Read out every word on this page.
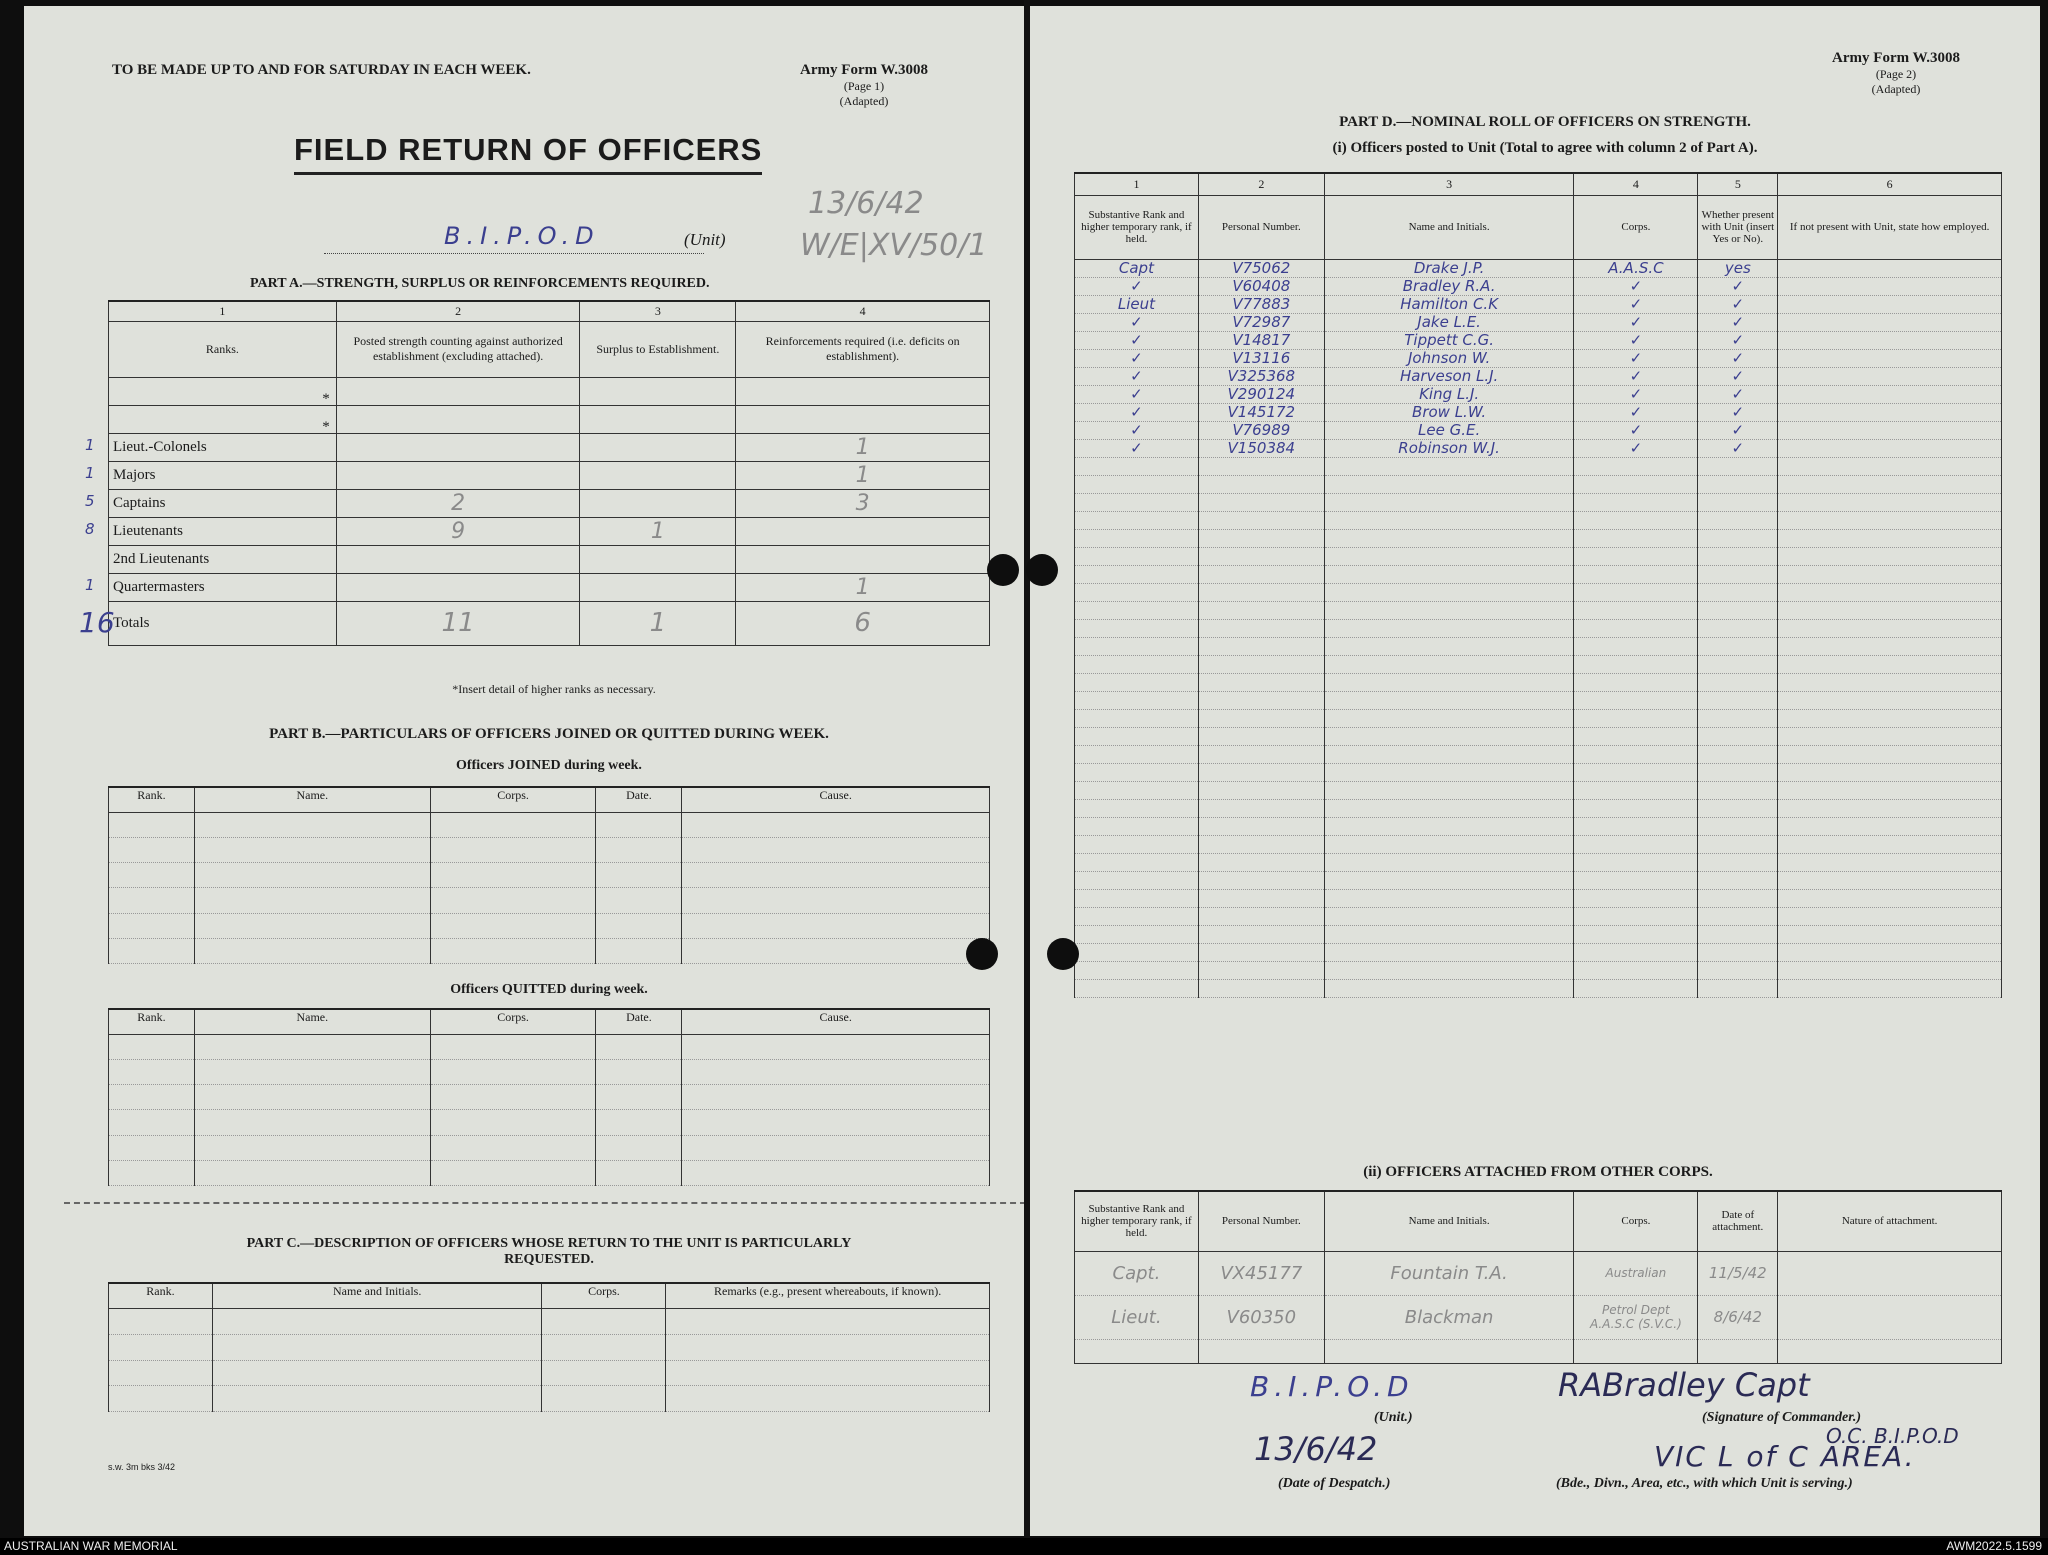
TO BE MADE UP TO AND FOR SATURDAY IN EACH WEEK.	Army Form W.3008
(Page 1)
(Adapted)
FIELD RETURN OF OFFICERS
B.I.P.O.D	(Unit)
13/6/42
W/E|XV/50/1
PART A.—STRENGTH, SURPLUS OR REINFORCEMENTS REQUIRED.
1	2	3	4
Ranks.	Posted strength counting against authorized establishment (excluding attached).	Surplus to Establishment.	Reinforcements required (i.e. deficits on establishment).

*			

*			

1 Lieut.-Colonels			1

1 Majors			1

5 Captains	2		3

8 Lieutenants	9	1	

2nd Lieutenants			

1 Quartermasters			1

16
Totals	11	1	6
*Insert detail of higher ranks as necessary.
PART B.—PARTICULARS OF OFFICERS JOINED OR QUITTED DURING WEEK.
Officers JOINED during week.
Rank.	Name.	Corps.	Date.	Cause.

Officers QUITTED during week.
Rank.	Name.	Corps.	Date.	Cause.

PART C.—DESCRIPTION OF OFFICERS WHOSE RETURN TO THE UNIT IS PARTICULARLY
REQUESTED.
Rank.	Name and Initials.	Corps.	Remarks (e.g., present whereabouts, if known).

s.w. 3m bks 3/42
Army Form W.3008
(Page 2)
(Adapted)
PART D.—NOMINAL ROLL OF OFFICERS ON STRENGTH.
(i) Officers posted to Unit (Total to agree with column 2 of Part A).
1	2	3	4	5	6
Substantive Rank and higher temporary rank, if held.	Personal Number.	Name and Initials.	Corps.	Whether present with Unit (insert Yes or No).	If not present with Unit, state how employed.
Capt	V75062	Drake J.P.	A.A.S.C	yes	
✓	V60408	Bradley R.A.	✓	✓	
Lieut	V77883	Hamilton C.K	✓	✓	
✓	V72987	Jake L.E.	✓	✓	
✓	V14817	Tippett C.G.	✓	✓	
✓	V13116	Johnson W.	✓	✓	
✓	V325368	Harveson L.J.	✓	✓	
✓	V290124	King L.J.	✓	✓	
✓	V145172	Brow L.W.	✓	✓	
✓	V76989	Lee G.E.	✓	✓	
✓	V150384	Robinson W.J.	✓	✓	

(ii) OFFICERS ATTACHED FROM OTHER CORPS.
Substantive Rank and higher temporary rank, if held.	Personal Number.	Name and Initials.	Corps.	Date of attachment.	Nature of attachment.
Capt.	VX45177	Fountain T.A.	Australian	11/5/42	
Lieut.	V60350	Blackman	Petrol Dept
A.A.S.C (S.V.C.)	8/6/42	

B.I.P.O.D
(Unit.)
RABradley Capt
(Signature of Commander.)
O.C. B.I.P.O.D
13/6/42
(Date of Despatch.)
VIC L of C AREA.
(Bde., Divn., Area, etc., with which Unit is serving.)
AUSTRALIAN WAR MEMORIAL	AWM2022.5.1599
